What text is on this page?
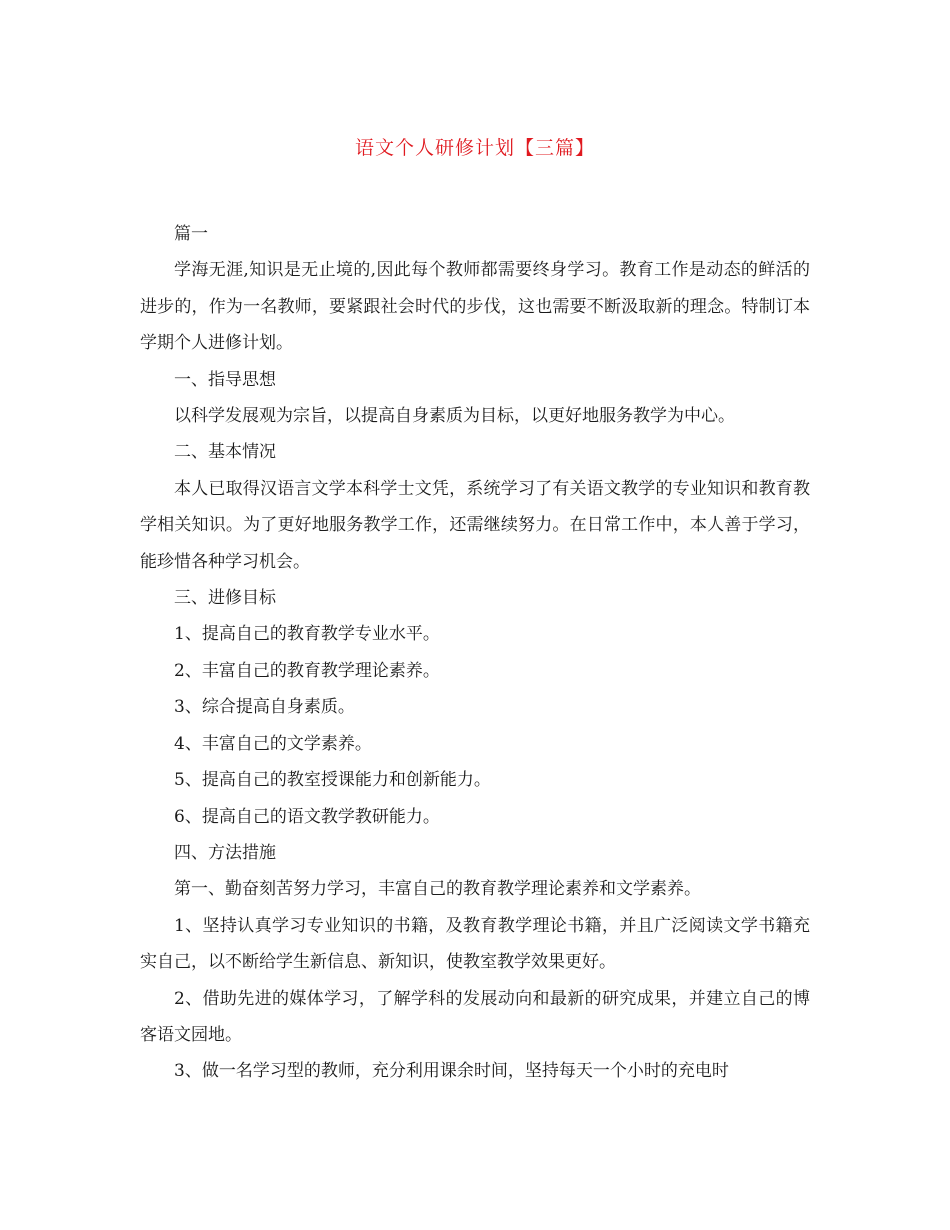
语文个人研修计划【三篇】

篇一

学海无涯,知识是无止境的,因此每个教师都需要终身学习。教育工作是动态的鲜活的进步的，作为一名教师，要紧跟社会时代的步伐，这也需要不断汲取新的理念。特制订本学期个人进修计划。

一、指导思想

以科学发展观为宗旨，以提高自身素质为目标，以更好地服务教学为中心。

二、基本情况

本人已取得汉语言文学本科学士文凭，系统学习了有关语文教学的专业知识和教育教学相关知识。为了更好地服务教学工作，还需继续努力。在日常工作中，本人善于学习，能珍惜各种学习机会。

三、进修目标

1、提高自己的教育教学专业水平。

2、丰富自己的教育教学理论素养。

3、综合提高自身素质。

4、丰富自己的文学素养。

5、提高自己的教室授课能力和创新能力。

6、提高自己的语文教学教研能力。

四、方法措施

第一、勤奋刻苦努力学习，丰富自己的教育教学理论素养和文学素养。

1、坚持认真学习专业知识的书籍，及教育教学理论书籍，并且广泛阅读文学书籍充实自己，以不断给学生新信息、新知识，使教室教学效果更好。

2、借助先进的媒体学习，了解学科的发展动向和最新的研究成果，并建立自己的博客语文园地。

3、做一名学习型的教师，充分利用课余时间，坚持每天一个小时的充电时
